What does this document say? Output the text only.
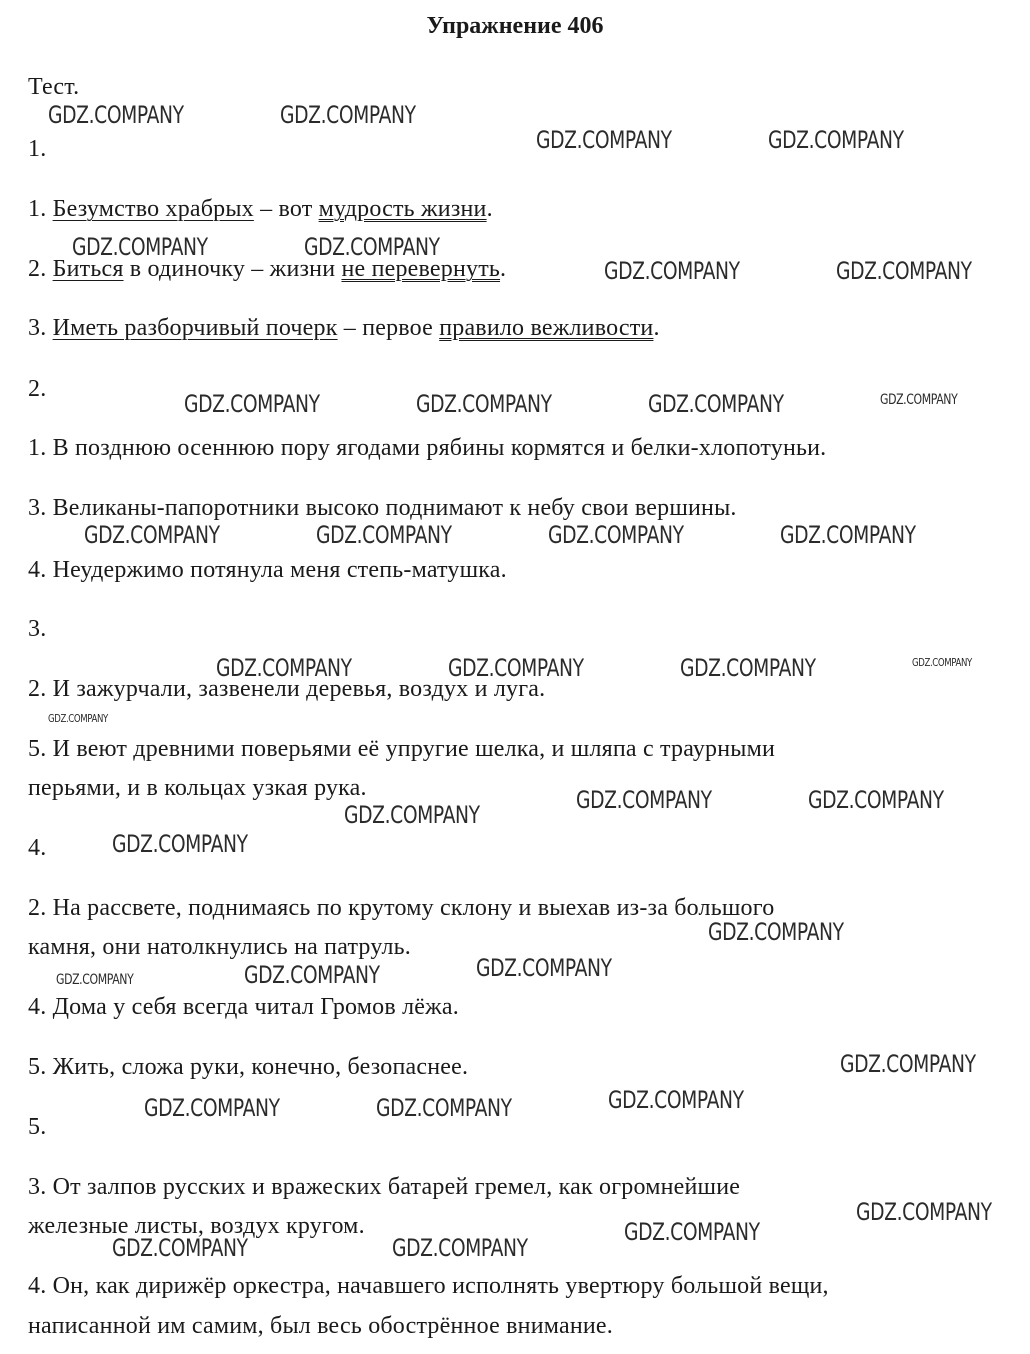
Упражнение 406
Тест.
1.
1. Безумство храбрых – вот мудрость жизни.
2. Биться в одиночку – жизни не перевернуть.
3. Иметь разборчивый почерк – первое правило вежливости.
2.
1. В позднюю осеннюю пору ягодами рябины кормятся и белки-хлопотуньи.
3. Великаны-папоротники высоко поднимают к небу свои вершины.
4. Неудержимо потянула меня степь-матушка.
3.
2. И зажурчали, зазвенели деревья, воздух и луга.
5. И веют древними поверьями её упругие шелка, и шляпа с траурными
перьями, и в кольцах узкая рука.
4.
2. На рассвете, поднимаясь по крутому склону и выехав из-за большого
камня, они натолкнулись на патруль.
4. Дома у себя всегда читал Громов лёжа.
5. Жить, сложа руки, конечно, безопаснее.
5.
3. От залпов русских и вражеских батарей гремел, как огромнейшие
железные листы, воздух кругом.
4. Он, как дирижёр оркестра, начавшего исполнять увертюру большой вещи,
написанной им самим, был весь обострённое внимание.
GDZ.COMPANY	GDZ.COMPANY
GDZ.COMPANY	GDZ.COMPANY
GDZ.COMPANY	GDZ.COMPANY
GDZ.COMPANY	GDZ.COMPANY
GDZ.COMPANY	GDZ.COMPANY	GDZ.COMPANY	GDZ.COMPANY
GDZ.COMPANY	GDZ.COMPANY	GDZ.COMPANY	GDZ.COMPANY
GDZ.COMPANY	GDZ.COMPANY	GDZ.COMPANY	GDZ.COMPANY
GDZ.COMPANY
GDZ.COMPANY	GDZ.COMPANY
GDZ.COMPANY
GDZ.COMPANY
GDZ.COMPANY
GDZ.COMPANY
GDZ.COMPANY
GDZ.COMPANY
GDZ.COMPANY
GDZ.COMPANY
GDZ.COMPANY	GDZ.COMPANY
GDZ.COMPANY
GDZ.COMPANY
GDZ.COMPANY	GDZ.COMPANY
